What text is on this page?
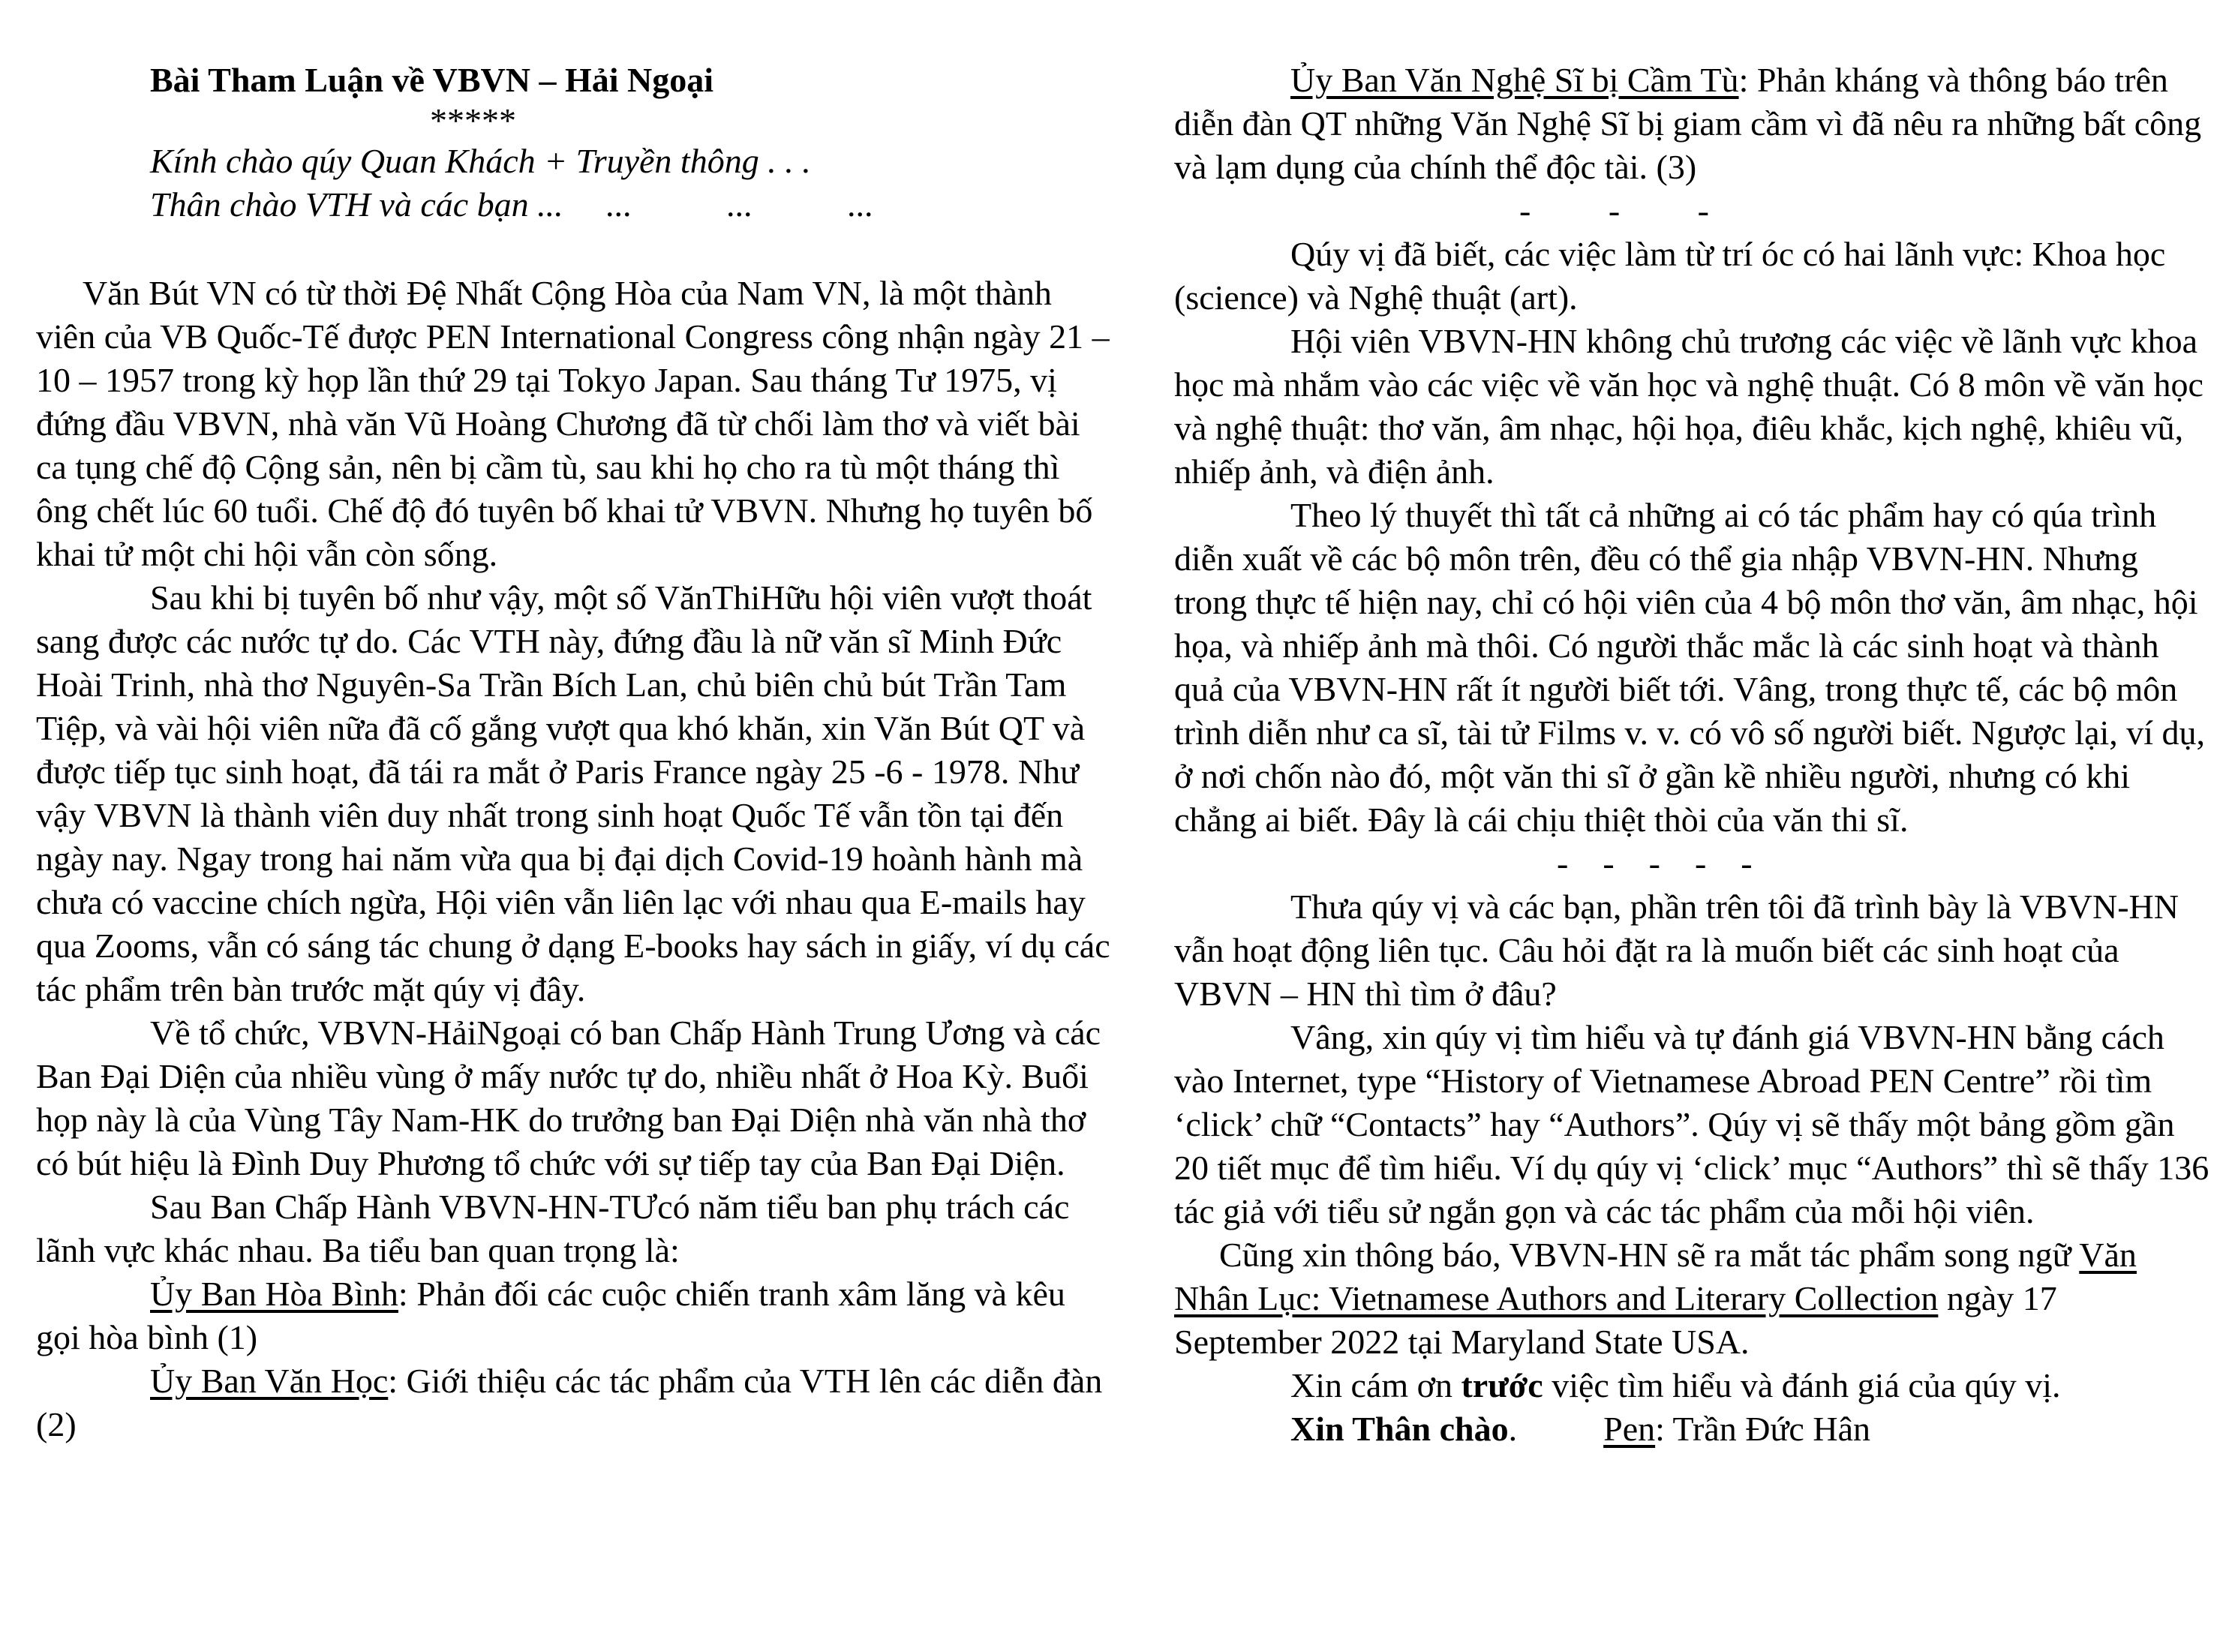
Bài Tham Luận về VBVN – Hải Ngoại

*****

Kính chào qúy Quan Khách + Truyền thông . . .

Thân chào VTH và các bạn ...     ...           ...           ...

Văn Bút VN có từ thời Đệ Nhất Cộng Hòa của Nam VN, là một thành viên của VB Quốc-Tế được PEN International Congress công nhận ngày 21 – 10 – 1957 trong kỳ họp lần thứ 29 tại Tokyo Japan. Sau tháng Tư 1975, vị đứng đầu VBVN, nhà văn Vũ Hoàng Chương đã từ chối làm thơ và viết bài ca tụng chế độ Cộng sản, nên bị cầm tù, sau khi họ cho ra tù một tháng thì ông chết lúc 60 tuổi. Chế độ đó tuyên bố khai tử VBVN. Nhưng họ tuyên bố khai tử một chi hội vẫn còn sống.

Sau khi bị tuyên bố như vậy, một số VănThiHữu hội viên vượt thoát sang được các nước tự do. Các VTH này, đứng đầu là nữ văn sĩ Minh Đức Hoài Trinh, nhà thơ Nguyên-Sa Trần Bích Lan, chủ biên chủ bút Trần Tam Tiệp, và vài hội viên nữa đã cố gắng vượt qua khó khăn, xin Văn Bút QT và được tiếp tục sinh hoạt, đã tái ra mắt ở Paris France ngày 25 -6 - 1978. Như vậy VBVN là thành viên duy nhất trong sinh hoạt Quốc Tế vẫn tồn tại đến ngày nay. Ngay trong hai năm vừa qua bị đại dịch Covid-19 hoành hành mà chưa có vaccine chích ngừa, Hội viên vẫn liên lạc với nhau qua E-mails hay qua Zooms, vẫn có sáng tác chung ở dạng E-books hay sách in giấy, ví dụ các tác phẩm trên bàn trước mặt qúy vị đây.

Về tổ chức, VBVN-HảiNgoại có ban Chấp Hành Trung Ương và các Ban Đại Diện của nhiều vùng ở mấy nước tự do, nhiều nhất ở Hoa Kỳ. Buổi họp này là của Vùng Tây Nam-HK do trưởng ban Đại Diện nhà văn nhà thơ có bút hiệu là Đình Duy Phương tổ chức với sự tiếp tay của Ban Đại Diện.

Sau Ban Chấp Hành VBVN-HN-TƯcó năm tiểu ban phụ trách các lãnh vực khác nhau. Ba tiểu ban quan trọng là:

Ủy Ban Hòa Bình: Phản đối các cuộc chiến tranh xâm lăng và kêu gọi hòa bình (1)

Ủy Ban Văn Học: Giới thiệu các tác phẩm của VTH lên các diễn đàn (2)

Ủy Ban Văn Nghệ Sĩ bị Cầm Tù: Phản kháng và thông báo trên diễn đàn QT những Văn Nghệ Sĩ bị giam cầm vì đã nêu ra những bất công và lạm dụng của chính thể độc tài. (3)

-         -         -

Qúy vị đã biết, các việc làm từ trí óc có hai lãnh vực: Khoa học (science) và Nghệ thuật (art).

Hội viên VBVN-HN không chủ trương các việc về lãnh vực khoa học mà nhắm vào các việc về văn học và nghệ thuật. Có 8 môn về văn học và nghệ thuật: thơ văn, âm nhạc, hội họa, điêu khắc, kịch nghệ, khiêu vũ, nhiếp ảnh, và điện ảnh.

Theo lý thuyết thì tất cả những ai có tác phẩm hay có qúa trình diễn xuất về các bộ môn trên, đều có thể gia nhập VBVN-HN. Nhưng trong thực tế hiện nay, chỉ có hội viên của 4 bộ môn thơ văn, âm nhạc, hội họa, và nhiếp ảnh mà thôi. Có người thắc mắc là các sinh hoạt và thành quả của VBVN-HN rất ít người biết tới. Vâng, trong thực tế, các bộ môn trình diễn như ca sĩ, tài tử Films v. v. có vô số người biết. Ngược lại, ví dụ, ở nơi chốn nào đó, một văn thi sĩ ở gần kề nhiều người, nhưng có khi chẳng ai biết. Đây là cái chịu thiệt thòi của văn thi sĩ.

-    -    -    -    -

Thưa qúy vị và các bạn, phần trên tôi đã trình bày là VBVN-HN vẫn hoạt động liên tục. Câu hỏi đặt ra là muốn biết các sinh hoạt của VBVN – HN thì tìm ở đâu?

Vâng, xin qúy vị tìm hiểu và tự đánh giá VBVN-HN bằng cách vào Internet, type “History of Vietnamese Abroad PEN Centre” rồi tìm ‘click’ chữ “Contacts” hay “Authors”. Qúy vị sẽ thấy một bảng gồm gần 20 tiết mục để tìm hiểu. Ví dụ qúy vị ‘click’ mục “Authors” thì sẽ thấy 136 tác giả với tiểu sử ngắn gọn và các tác phẩm của mỗi hội viên.

Cũng xin thông báo, VBVN-HN sẽ ra mắt tác phẩm song ngữ Văn Nhân Lục: Vietnamese Authors and Literary Collection ngày 17 September 2022 tại Maryland State USA.

Xin cám ơn trước việc tìm hiểu và đánh giá của qúy vị.

Xin Thân chào.          Pen: Trần Đức Hân
